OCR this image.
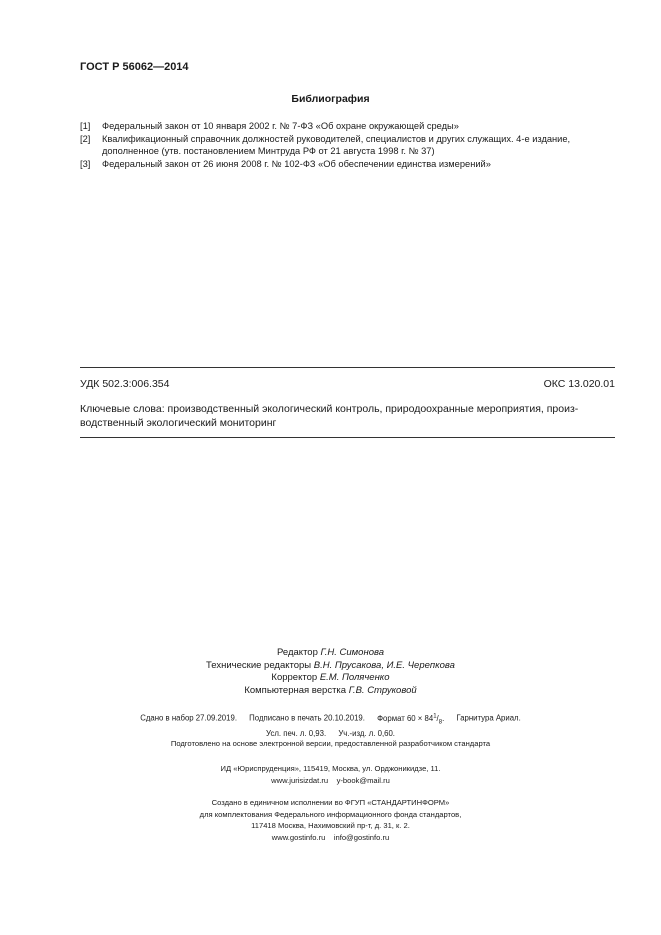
ГОСТ Р 56062—2014
Библиография
[1]	Федеральный закон от 10 января 2002 г. № 7-ФЗ «Об охране окружающей среды»
[2]	Квалификационный справочник должностей руководителей, специалистов и других служащих. 4-е издание,
дополненное (утв. постановлением Минтруда РФ от 21 августа 1998 г. № 37)
[3]	Федеральный закон от 26 июня 2008 г. № 102-ФЗ «Об обеспечении единства измерений»
УДК 502.3:006.354	ОКС 13.020.01
Ключевые слова: производственный экологический контроль, природоохранные мероприятия, произ-
водственный экологический мониторинг
Редактор Г.Н. Симонова
Технические редакторы В.Н. Прусакова, И.Е. Черепкова
Корректор Е.М. Поляченко
Компьютерная верстка Г.В. Струковой
Сдано в набор 27.09.2019. Подписано в печать 20.10.2019. Формат $60 \times 84^1/_8$. Гарнитура Ариал.
Усл. печ. л. 0,93. Уч.-изд. л. 0,60.
Подготовлено на основе электронной версии, предоставленной разработчиком стандарта
ИД «Юриспруденция», 115419, Москва, ул. Орджоникидзе, 11.
www.jurisizdat.ru y-book@mail.ru
Создано в единичном исполнении во ФГУП «СТАНДАРТИНФОРМ»
для комплектования Федерального информационного фонда стандартов,
117418 Москва, Нахимовский пр-т, д. 31, к. 2.
www.gostinfo.ru info@gostinfo.ru
